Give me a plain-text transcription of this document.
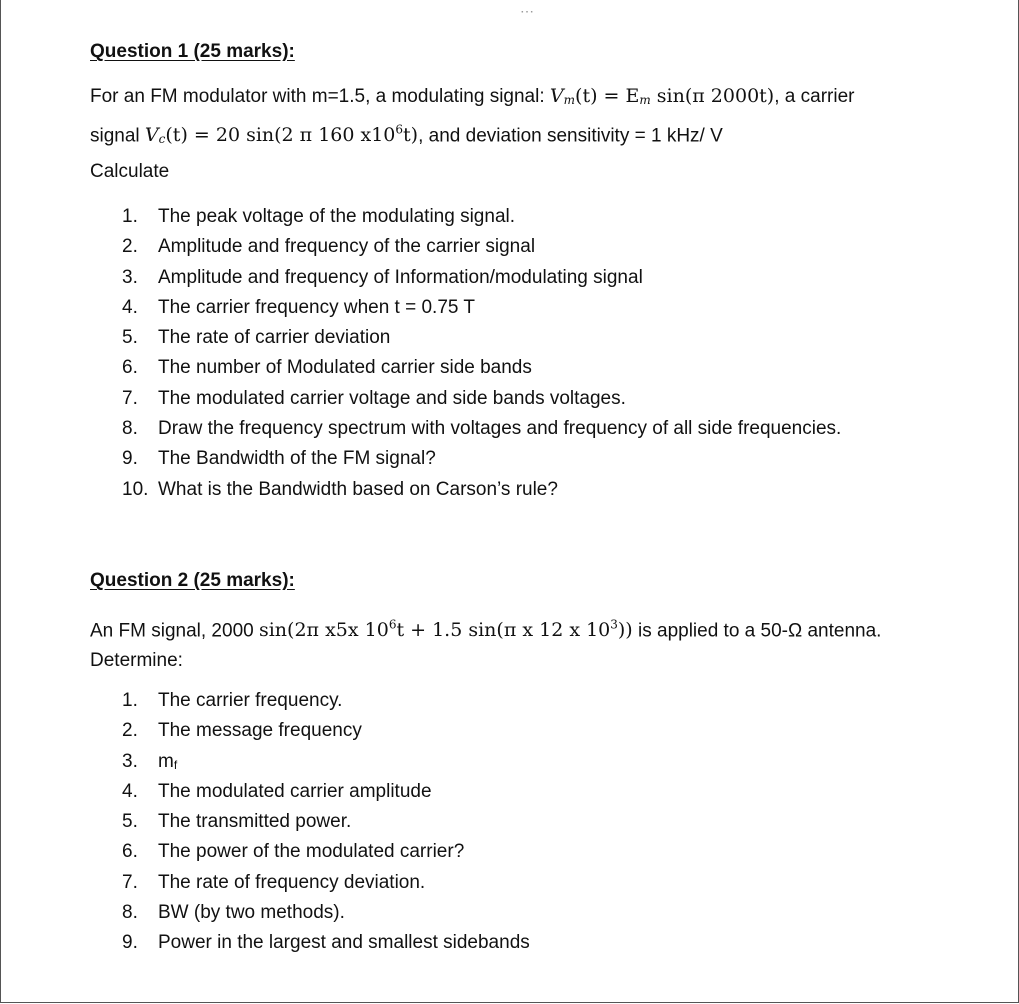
⋯
Question 1 (25 marks):

For an FM modulator with m=1.5, a modulating signal: $V_m(t) = E_m$ sin(π 2000t), a carrier
signal $V_c(t) = 20$ sin(2 π 160 $x10^6t$), and deviation sensitivity = 1 kHz/ V

Calculate

1.	The peak voltage of the modulating signal.
2.	Amplitude and frequency of the carrier signal
3.	Amplitude and frequency of Information/modulating signal
4.	The carrier frequency when t = 0.75 T
5.	The rate of carrier deviation
6.	The number of Modulated carrier side bands
7.	The modulated carrier voltage and side bands voltages.
8.	Draw the frequency spectrum with voltages and frequency of all side frequencies.
9.	The Bandwidth of the FM signal?
10. What is the Bandwidth based on Carson’s rule?
Question 2 (25 marks):

An FM signal, 2000 sin(2π x5x $10^6t + 1.5$ sin(π x 12 x $10^3$)) is applied to a 50-Ω antenna.
Determine:

1.	The carrier frequency.
2.	The message frequency
3.	$m_f$
4.	The modulated carrier amplitude
5.	The transmitted power.
6.	The power of the modulated carrier?
7.	The rate of frequency deviation.
8.	BW (by two methods).
9.	Power in the largest and smallest sidebands
